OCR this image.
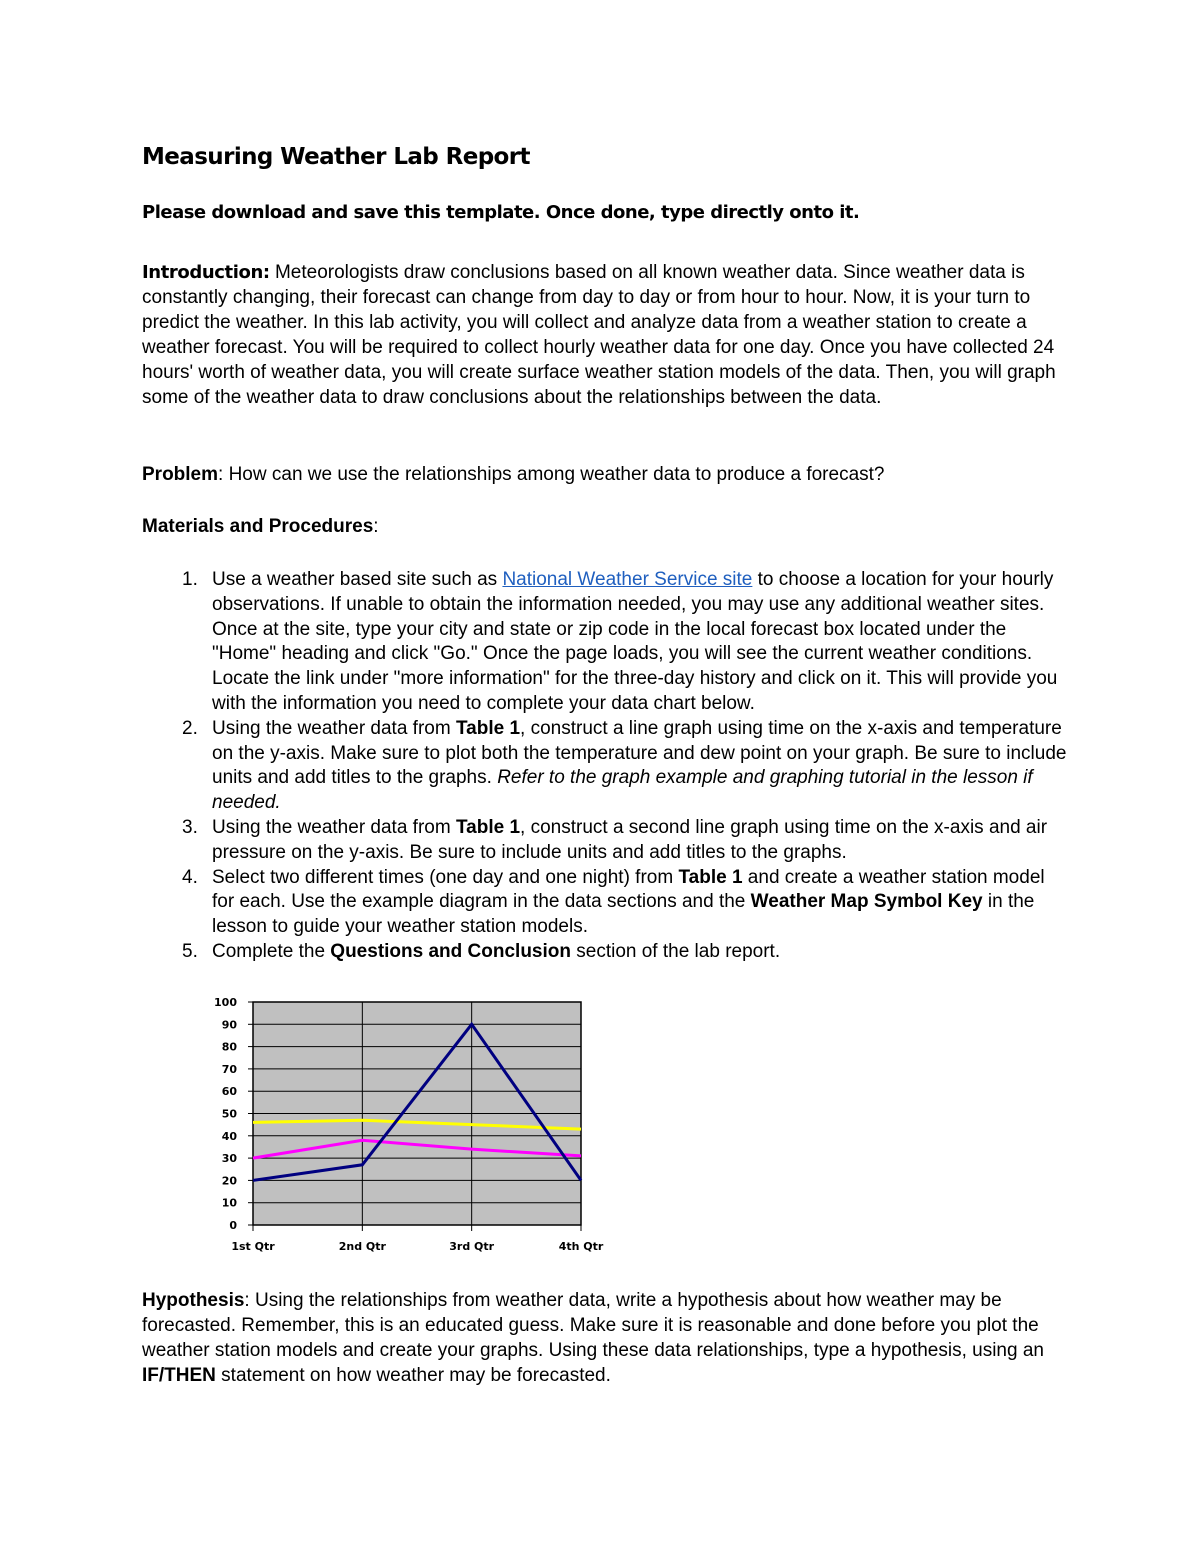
Measuring Weather Lab Report

Please download and save this template. Once done, type directly onto it.

Introduction: Meteorologists draw conclusions based on all known weather data. Since weather data is constantly changing, their forecast can change from day to day or from hour to hour. Now, it is your turn to predict the weather. In this lab activity, you will collect and analyze data from a weather station to create a weather forecast. You will be required to collect hourly weather data for one day. Once you have collected 24 hours' worth of weather data, you will create surface weather station models of the data. Then, you will graph some of the weather data to draw conclusions about the relationships between the data.

Problem: How can we use the relationships among weather data to produce a forecast?

Materials and Procedures:

1. Use a weather based site such as National Weather Service site to choose a location for your hourly observations. If unable to obtain the information needed, you may use any additional weather sites. Once at the site, type your city and state or zip code in the local forecast box located under the "Home" heading and click "Go." Once the page loads, you will see the current weather conditions. Locate the link under "more information" for the three-day history and click on it. This will provide you with the information you need to complete your data chart below.
2. Using the weather data from Table 1, construct a line graph using time on the x-axis and temperature on the y-axis. Make sure to plot both the temperature and dew point on your graph. Be sure to include units and add titles to the graphs. Refer to the graph example and graphing tutorial in the lesson if needed.
3. Using the weather data from Table 1, construct a second line graph using time on the x-axis and air pressure on the y-axis. Be sure to include units and add titles to the graphs.
4. Select two different times (one day and one night) from Table 1 and create a weather station model for each. Use the example diagram in the data sections and the Weather Map Symbol Key in the lesson to guide your weather station models.
5. Complete the Questions and Conclusion section of the lab report.
0
10
20
30
40
50
60
70
80
90
100
1st Qtr	2nd Qtr	3rd Qtr	4th Qtr

Hypothesis: Using the relationships from weather data, write a hypothesis about how weather may be forecasted. Remember, this is an educated guess. Make sure it is reasonable and done before you plot the weather station models and create your graphs. Using these data relationships, type a hypothesis, using an IF/THEN statement on how weather may be forecasted.
